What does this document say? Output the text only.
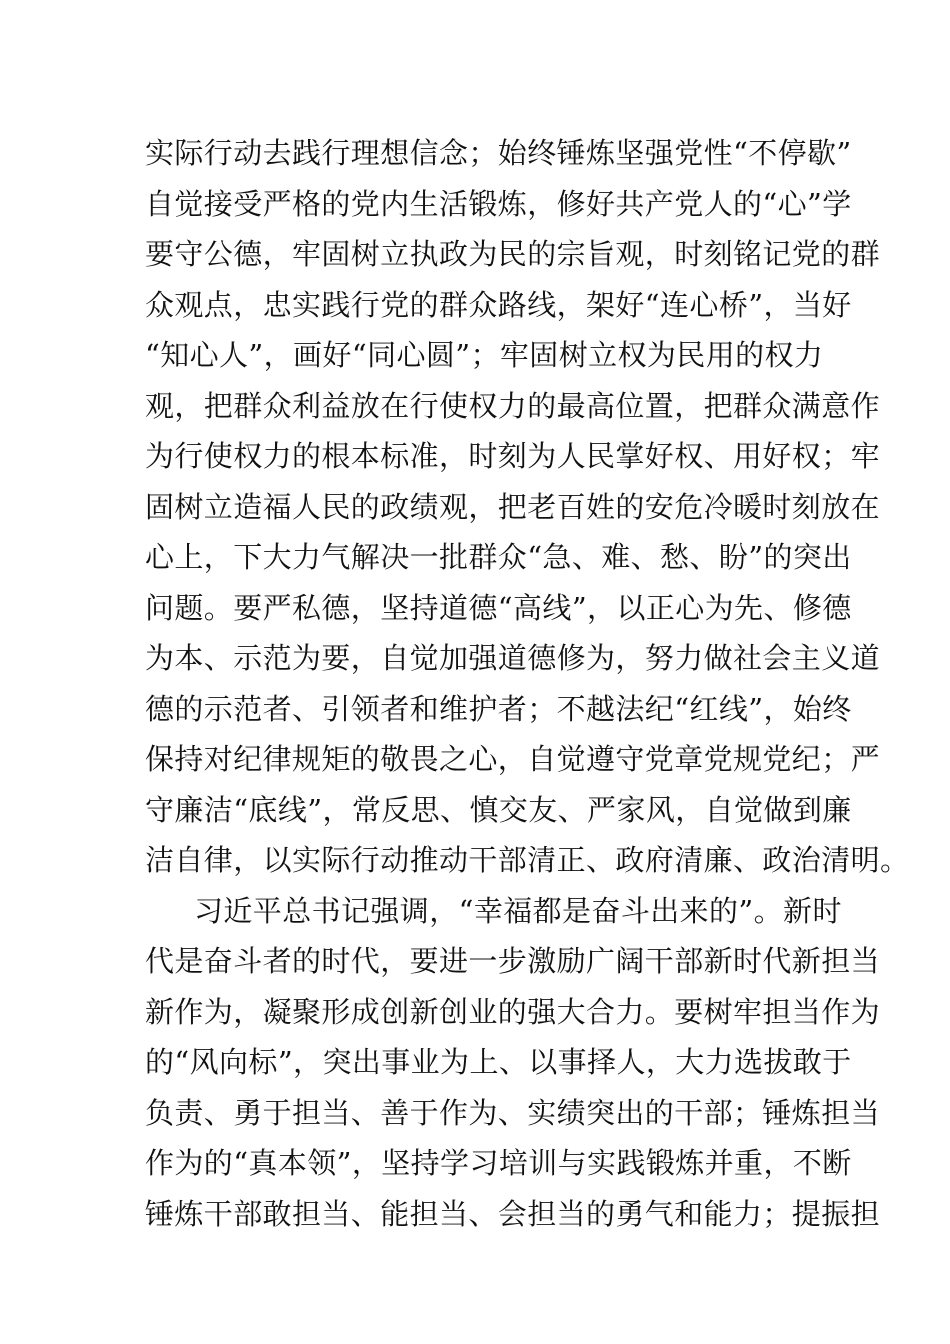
实际行动去践行理想信念；始终锤炼坚强党性“不停歇”
自觉接受严格的党内生活锻炼，修好共产党人的“心”学
要守公德，牢固树立执政为民的宗旨观，时刻铭记党的群
众观点，忠实践行党的群众路线，架好“连心桥”，当好
“知心人”，画好“同心圆”；牢固树立权为民用的权力
观，把群众利益放在行使权力的最高位置，把群众满意作
为行使权力的根本标准，时刻为人民掌好权、用好权；牢
固树立造福人民的政绩观，把老百姓的安危冷暖时刻放在
心上，下大力气解决一批群众“急、难、愁、盼”的突出
问题。要严私德，坚持道德“高线”，以正心为先、修德
为本、示范为要，自觉加强道德修为，努力做社会主义道
德的示范者、引领者和维护者；不越法纪“红线”，始终
保持对纪律规矩的敬畏之心，自觉遵守党章党规党纪；严
守廉洁“底线”，常反思、慎交友、严家风，自觉做到廉
洁自律，以实际行动推动干部清正、政府清廉、政治清明。
习近平总书记强调，“幸福都是奋斗出来的”。新时
代是奋斗者的时代，要进一步激励广阔干部新时代新担当
新作为，凝聚形成创新创业的强大合力。要树牢担当作为
的“风向标”，突出事业为上、以事择人，大力选拔敢于
负责、勇于担当、善于作为、实绩突出的干部；锤炼担当
作为的“真本领”，坚持学习培训与实践锻炼并重，不断
锤炼干部敢担当、能担当、会担当的勇气和能力；提振担
